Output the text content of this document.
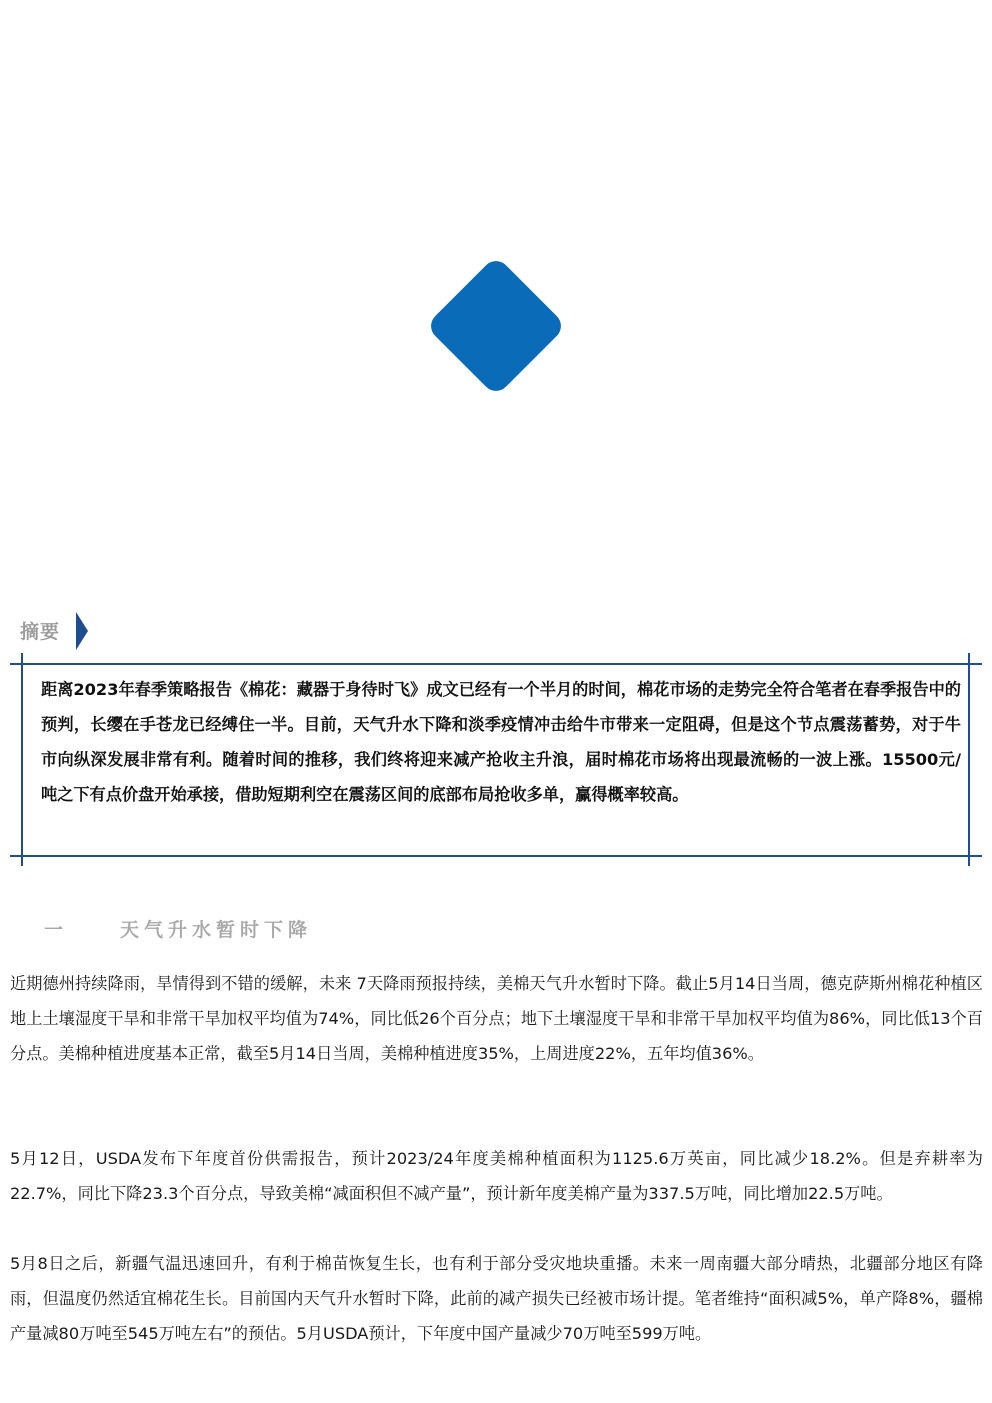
摘要
距离2023年春季策略报告《棉花：藏器于身待时飞》成文已经有一个半月的时间，棉花市场的走势完全符合笔者在春季报告中的预判，长缨在手苍龙已经缚住一半。目前，天气升水下降和淡季疫情冲击给牛市带来一定阻碍，但是这个节点震荡蓄势，对于牛市向纵深发展非常有利。随着时间的推移，我们终将迎来减产抢收主升浪，届时棉花市场将出现最流畅的一波上涨。15500元/吨之下有点价盘开始承接，借助短期利空在震荡区间的底部布局抢收多单，赢得概率较高。
一	天气升水暂时下降
近期德州持续降雨，旱情得到不错的缓解，未来 7天降雨预报持续，美棉天气升水暂时下降。截止5月14日当周，德克萨斯州棉花种植区地上土壤湿度干旱和非常干旱加权平均值为74%，同比低26个百分点；地下土壤湿度干旱和非常干旱加权平均值为86%，同比低13个百分点。美棉种植进度基本正常，截至5月14日当周，美棉种植进度35%，上周进度22%，五年均值36%。
5月12日，USDA发布下年度首份供需报告，预计2023/24年度美棉种植面积为1125.6万英亩，同比减少18.2%。但是弃耕率为22.7%，同比下降23.3个百分点，导致美棉“减面积但不减产量”，预计新年度美棉产量为337.5万吨，同比增加22.5万吨。
5月8日之后，新疆气温迅速回升，有利于棉苗恢复生长，也有利于部分受灾地块重播。未来一周南疆大部分晴热，北疆部分地区有降雨，但温度仍然适宜棉花生长。目前国内天气升水暂时下降，此前的减产损失已经被市场计提。笔者维持“面积减5%，单产降8%，疆棉产量减80万吨至545万吨左右”的预估。5月USDA预计，下年度中国产量减少70万吨至599万吨。
